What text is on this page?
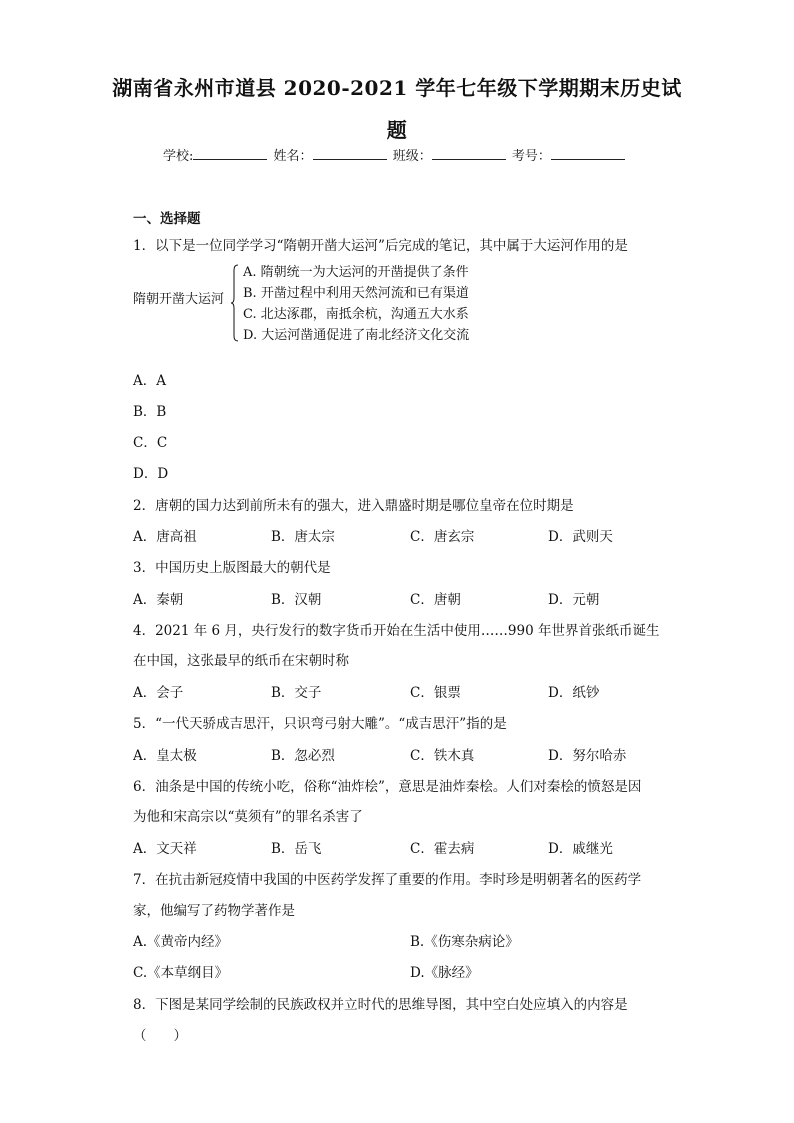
湖南省永州市道县 2020-2021 学年七年级下学期期末历史试
题
学校:	姓名：	班级：	考号：
一、选择题
1．以下是一位同学学习“隋朝开凿大运河”后完成的笔记，其中属于大运河作用的是
隋朝开凿大运河
A. 隋朝统一为大运河的开凿提供了条件
B. 开凿过程中利用天然河流和已有渠道
C. 北达涿郡，南抵余杭，沟通五大水系
D. 大运河凿通促进了南北经济文化交流
A．A
B．B
C．C
D．D
2．唐朝的国力达到前所未有的强大，进入鼎盛时期是哪位皇帝在位时期是
A．唐高祖	B．唐太宗	C．唐玄宗	D．武则天
3．中国历史上版图最大的朝代是
A．秦朝	B．汉朝	C．唐朝	D．元朝
4．2021 年 6 月，央行发行的数字货币开始在生活中使用……990 年世界首张纸币诞生
在中国，这张最早的纸币在宋朝时称
A．会子	B．交子	C．银票	D．纸钞
5．“一代天骄成吉思汗，只识弯弓射大雕”。“成吉思汗”指的是
A．皇太极	B．忽必烈	C．铁木真	D．努尔哈赤
6．油条是中国的传统小吃，俗称“油炸桧”，意思是油炸秦桧。人们对秦桧的愤怒是因
为他和宋高宗以“莫须有”的罪名杀害了
A．文天祥	B．岳飞	C．霍去病	D．戚继光
7．在抗击新冠疫情中我国的中医药学发挥了重要的作用。李时珍是明朝著名的医药学
家，他编写了药物学著作是
A.《黄帝内经》	B.《伤寒杂病论》
C.《本草纲目》	D.《脉经》
8．下图是某同学绘制的民族政权并立时代的思维导图，其中空白处应填入的内容是
（　　）
